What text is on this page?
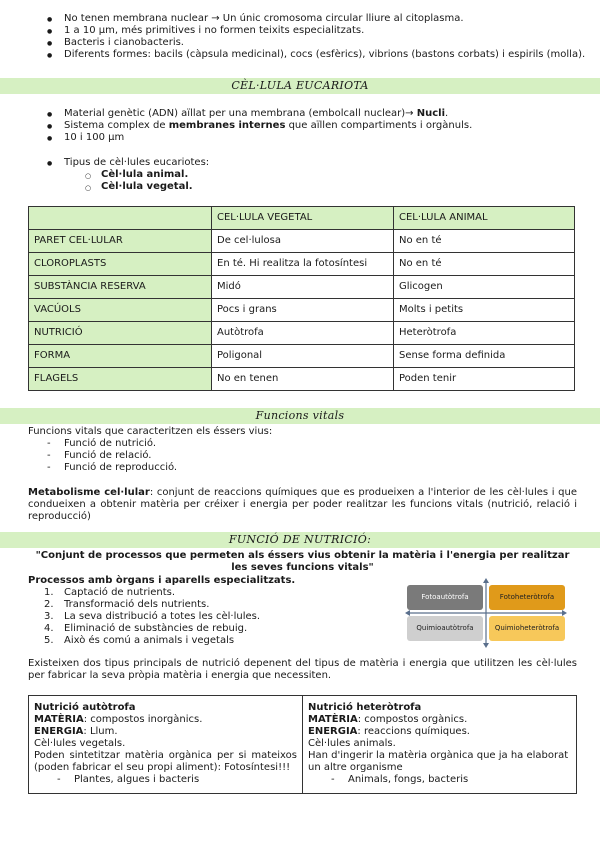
● No tenen membrana nuclear → Un únic cromosoma circular lliure al citoplasma.
● 1 a 10 µm, més primitives i no formen teixits especialitzats.
● Bacteris i cianobacteris.
● Diferents formes: bacils (càpsula medicinal), cocs (esfèrics), vibrions (bastons corbats) i espirils (molla).
CÈL·LULA EUCARIOTA
● Material genètic (ADN) aïllat per una membrana (embolcall nuclear)→ Nucli.
● Sistema complex de membranes internes que aïllen compartiments i orgànuls.
● 10 i 100 µm
● Tipus de cèl·lules eucariotes:
○ Cèl·lula animal.
○ Cèl·lula vegetal.
	CEL·LULA VEGETAL	CEL·LULA ANIMAL
PARET CEL·LULAR	De cel·lulosa	No en té
CLOROPLASTS	En té. Hi realitza la fotosíntesi	No en té
SUBSTÀNCIA RESERVA	Midó	Glicogen
VACÚOLS	Pocs i grans	Molts i petits
NUTRICIÓ	Autòtrofa	Heteròtrofa
FORMA	Poligonal	Sense forma definida
FLAGELS	No en tenen	Poden tenir
Funcions vitals
Funcions vitals que caracteritzen els éssers vius:
- Funció de nutrició.
- Funció de relació.
- Funció de reproducció.
Metabolisme cel·lular: conjunt de reaccions químiques que es produeixen a l'interior de les cèl·lules i que condueixen a obtenir matèria per créixer i energia per poder realitzar les funcions vitals (nutrició, relació i reproducció)
FUNCIÓ DE NUTRICIÓ:
"Conjunt de processos que permeten als éssers vius obtenir la matèria i l'energia per realitzar les seves funcions vitals"
Processos amb òrgans i aparells especialitzats.
1. Captació de nutrients.
2. Transformació dels nutrients.
3. La seva distribució a totes les cèl·lules.
4. Eliminació de substàncies de rebuig.
5. Això és comú a animals i vegetals
Fotoautòtrofa	Fotoheteròtrofa
Quimioautòtrofa	Quimioheteròtrofa
Existeixen dos tipus principals de nutrició depenent del tipus de matèria i energia que utilitzen les cèl·lules per fabricar la seva pròpia matèria i energia que necessiten.
Nutrició autòtrofa
MATÈRIA: compostos inorgànics.
ENERGIA: Llum.
Cèl·lules vegetals.
Poden sintetitzar matèria orgànica per si mateixos (poden fabricar el seu propi aliment): Fotosíntesi!!!
- Plantes, algues i bacteris
Nutrició heteròtrofa
MATÈRIA: compostos orgànics.
ENERGIA: reaccions químiques.
Cèl·lules animals.
Han d'ingerir la matèria orgànica que ja ha elaborat un altre organisme
- Animals, fongs, bacteris
